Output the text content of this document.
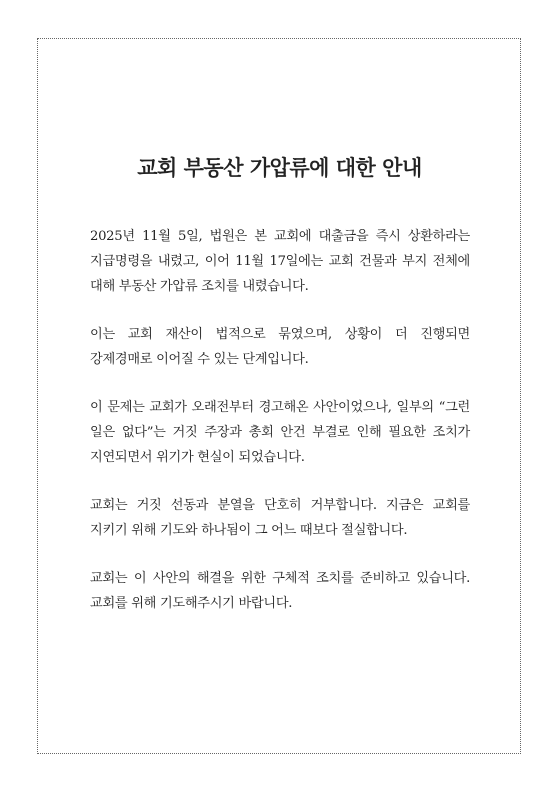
교회 부동산 가압류에 대한 안내

2025년 11월 5일, 법원은 본 교회에 대출금을 즉시 상환하라는 지급명령을 내렸고, 이어 11월 17일에는 교회 건물과 부지 전체에 대해 부동산 가압류 조치를 내렸습니다.

이는 교회 재산이 법적으로 묶였으며, 상황이 더 진행되면 강제경매로 이어질 수 있는 단계입니다.

이 문제는 교회가 오래전부터 경고해온 사안이었으나, 일부의 “그런 일은 없다”는 거짓 주장과 총회 안건 부결로 인해 필요한 조치가 지연되면서 위기가 현실이 되었습니다.

교회는 거짓 선동과 분열을 단호히 거부합니다. 지금은 교회를 지키기 위해 기도와 하나됨이 그 어느 때보다 절실합니다.

교회는 이 사안의 해결을 위한 구체적 조치를 준비하고 있습니다. 교회를 위해 기도해주시기 바랍니다.
